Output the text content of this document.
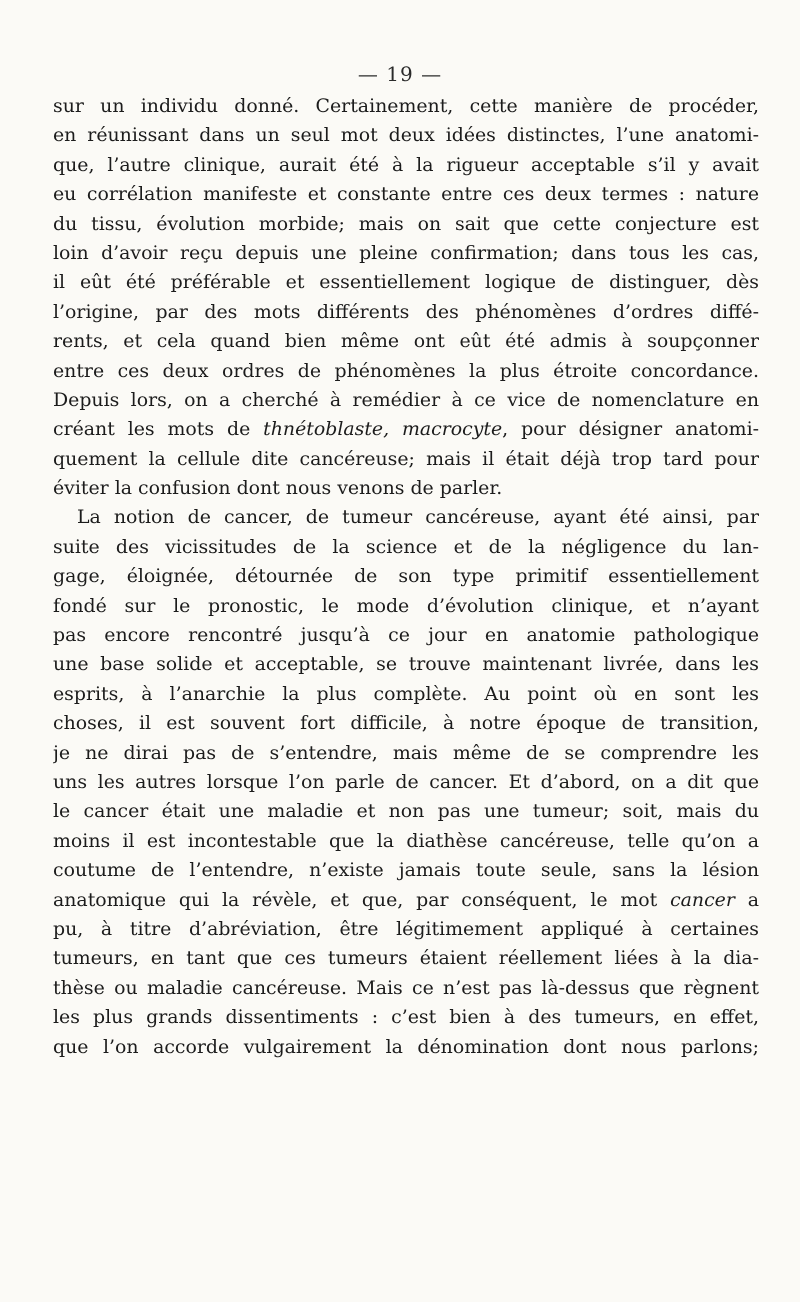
— 19 —
sur un individu donné. Certainement, cette manière de procéder,
en réunissant dans un seul mot deux idées distinctes, l’une anatomi-
que, l’autre clinique, aurait été à la rigueur acceptable s’il y avait
eu corrélation manifeste et constante entre ces deux termes : nature
du tissu, évolution morbide; mais on sait que cette conjecture est
loin d’avoir reçu depuis une pleine confirmation; dans tous les cas,
il eût été préférable et essentiellement logique de distinguer, dès
l’origine, par des mots différents des phénomènes d’ordres diffé-
rents, et cela quand bien même ont eût été admis à soupçonner
entre ces deux ordres de phénomènes la plus étroite concordance.
Depuis lors, on a cherché à remédier à ce vice de nomenclature en
créant les mots de thnétoblaste, macrocyte, pour désigner anatomi-
quement la cellule dite cancéreuse; mais il était déjà trop tard pour
éviter la confusion dont nous venons de parler.
La notion de cancer, de tumeur cancéreuse, ayant été ainsi, par
suite des vicissitudes de la science et de la négligence du lan-
gage, éloignée, détournée de son type primitif essentiellement
fondé sur le pronostic, le mode d’évolution clinique, et n’ayant
pas encore rencontré jusqu’à ce jour en anatomie pathologique
une base solide et acceptable, se trouve maintenant livrée, dans les
esprits, à l’anarchie la plus complète. Au point où en sont les
choses, il est souvent fort difficile, à notre époque de transition,
je ne dirai pas de s’entendre, mais même de se comprendre les
uns les autres lorsque l’on parle de cancer. Et d’abord, on a dit que
le cancer était une maladie et non pas une tumeur; soit, mais du
moins il est incontestable que la diathèse cancéreuse, telle qu’on a
coutume de l’entendre, n’existe jamais toute seule, sans la lésion
anatomique qui la révèle, et que, par conséquent, le mot cancer a
pu, à titre d’abréviation, être légitimement appliqué à certaines
tumeurs, en tant que ces tumeurs étaient réellement liées à la dia-
thèse ou maladie cancéreuse. Mais ce n’est pas là-dessus que règnent
les plus grands dissentiments : c’est bien à des tumeurs, en effet,
que l’on accorde vulgairement la dénomination dont nous parlons;
